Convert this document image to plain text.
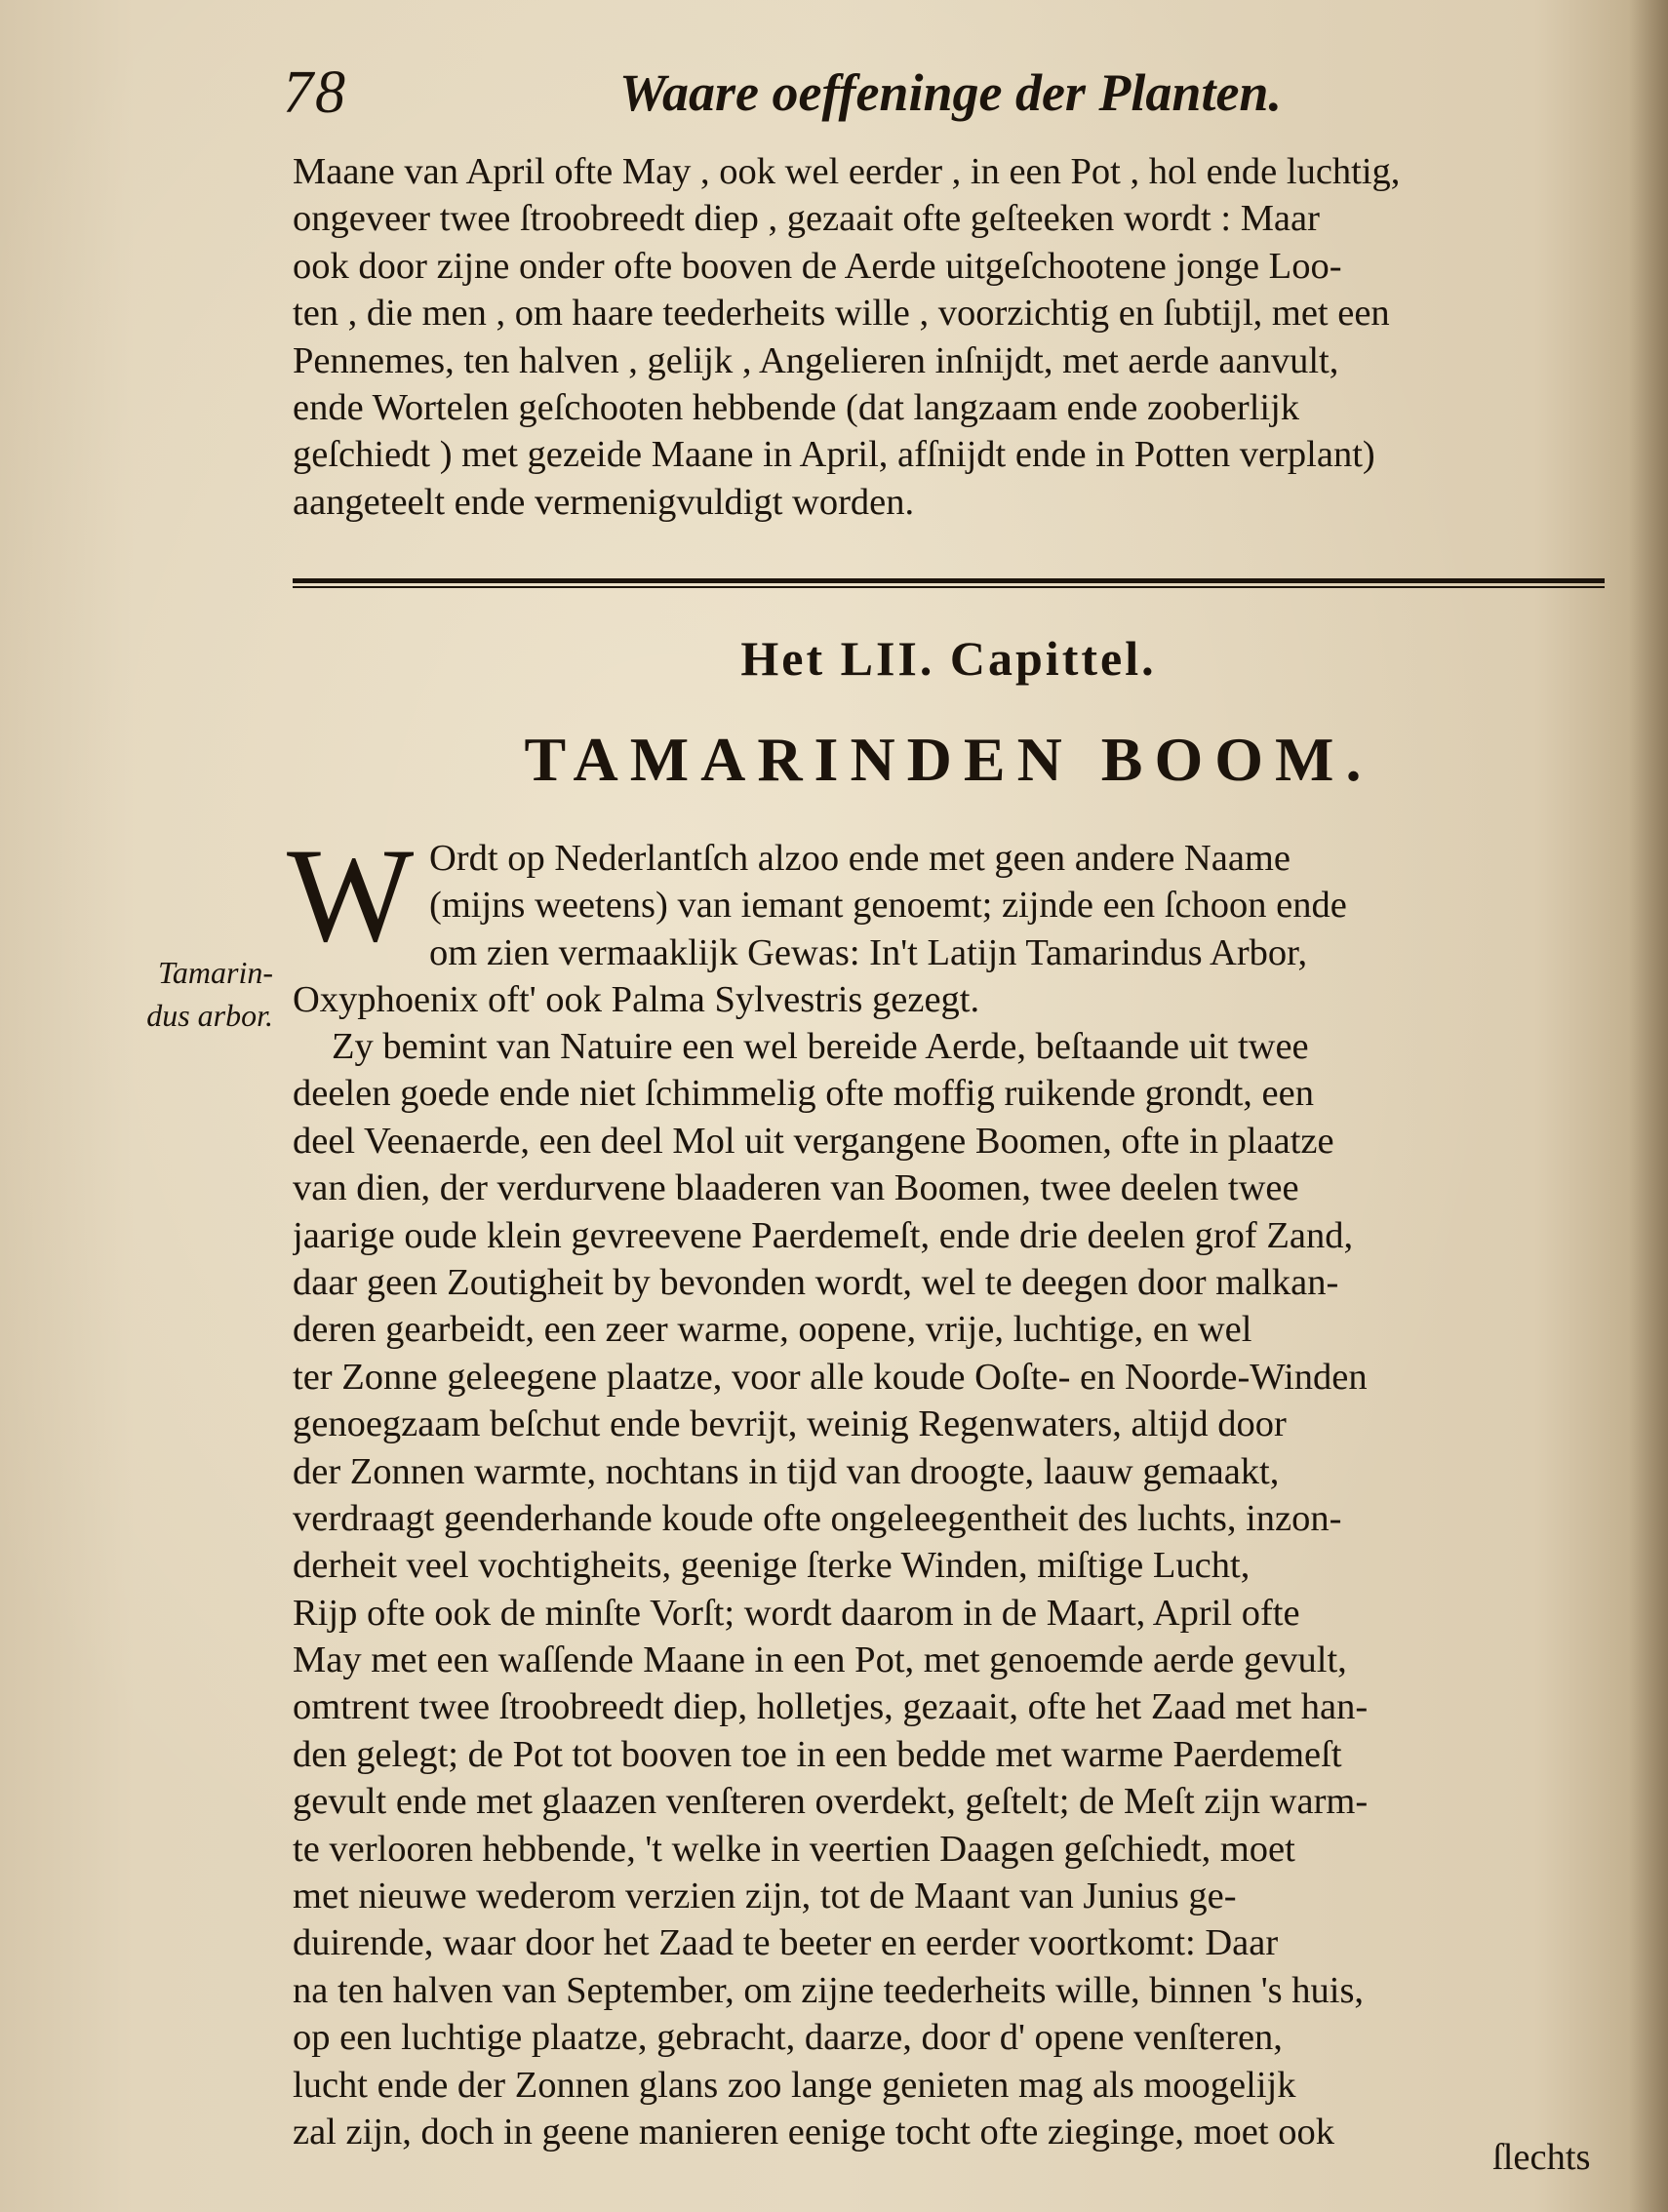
78	Waare oeffeninge der Planten.
Maane van April ofte May , ook wel eerder , in een Pot , hol ende luchtig,
ongeveer twee ſtroobreedt diep , gezaait ofte geſteeken wordt : Maar
ook door zijne onder ofte booven de Aerde uitgeſchootene jonge Loo-
ten , die men , om haare teederheits wille , voorzichtig en ſubtijl, met een
Pennemes, ten halven , gelijk , Angelieren inſnijdt, met aerde aanvult,
ende Wortelen geſchooten hebbende (dat langzaam ende zooberlijk
geſchiedt ) met gezeide Maane in April, afſnijdt ende in Potten verplant)
aangeteelt ende vermenigvuldigt worden.
Het LII. Capittel.
TAMARINDEN BOOM.
W Ordt op Nederlantſch alzoo ende met geen andere Naame
(mijns weetens) van iemant genoemt; zijnde een ſchoon ende
om zien vermaaklijk Gewas: In't Latijn Tamarindus Arbor,
Oxyphoenix oft' ook Palma Sylvestris gezegt.
Zy bemint van Natuire een wel bereide Aerde, beſtaande uit twee
deelen goede ende niet ſchimmelig ofte moffig ruikende grondt, een
deel Veenaerde, een deel Mol uit vergangene Boomen, ofte in plaatze
van dien, der verdurvene blaaderen van Boomen, twee deelen twee
jaarige oude klein gevreevene Paerdemeſt, ende drie deelen grof Zand,
daar geen Zoutigheit by bevonden wordt, wel te deegen door malkan-
deren gearbeidt, een zeer warme, oopene, vrije, luchtige, en wel
ter Zonne geleegene plaatze, voor alle koude Ooſte- en Noorde-Winden
genoegzaam beſchut ende bevrijt, weinig Regenwaters, altijd door
der Zonnen warmte, nochtans in tijd van droogte, laauw gemaakt,
verdraagt geenderhande koude ofte ongeleegentheit des luchts, inzon-
derheit veel vochtigheits, geenige ſterke Winden, miſtige Lucht,
Rijp ofte ook de minſte Vorſt; wordt daarom in de Maart, April ofte
May met een waſſende Maane in een Pot, met genoemde aerde gevult,
omtrent twee ſtroobreedt diep, holletjes, gezaait, ofte het Zaad met han-
den gelegt; de Pot tot booven toe in een bedde met warme Paerdemeſt
gevult ende met glaazen venſteren overdekt, geſtelt; de Meſt zijn warm-
te verlooren hebbende, 't welke in veertien Daagen geſchiedt, moet
met nieuwe wederom verzien zijn, tot de Maant van Junius ge-
duirende, waar door het Zaad te beeter en eerder voortkomt: Daar
na ten halven van September, om zijne teederheits wille, binnen 's huis,
op een luchtige plaatze, gebracht, daarze, door d' opene venſteren,
lucht ende der Zonnen glans zoo lange genieten mag als moogelijk
zal zijn, doch in geene manieren eenige tocht ofte zieginge, moet ook
ſlechts
Tamarin-
dus arbor.
